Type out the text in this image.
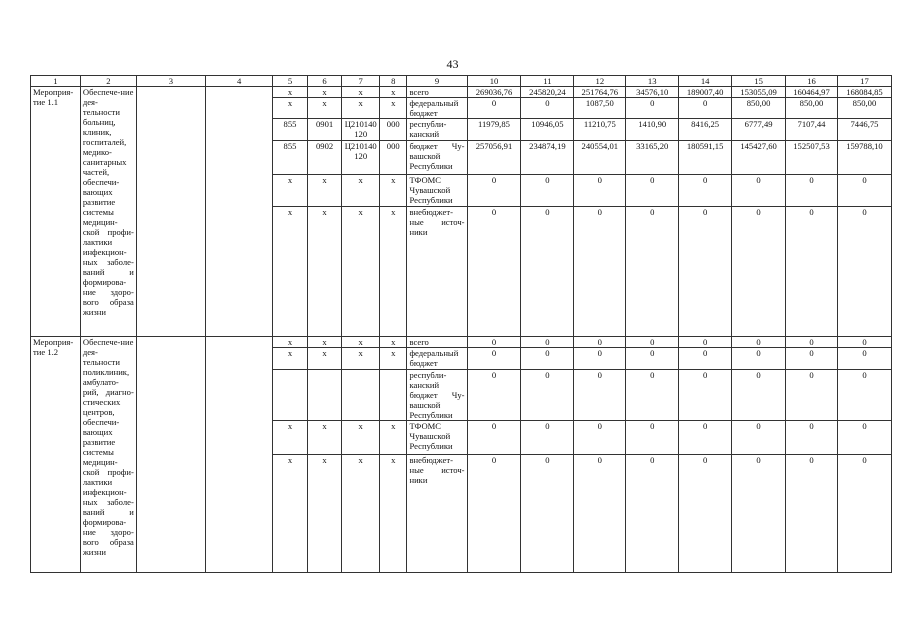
43
1	2	3	4	5	6	7	8	9	10	11	12	13	14	15	16	17
Мероприя-тие 1.1	Обеспече-ние дея-тельности больниц, клиник, госпиталей, медико-санитарных частей, обеспечи-вающих развитие системы медицин-ской профи-лактики инфекцион-ных заболе-ваний и формирова-ние здоро-вого образа жизни			x	x	x	x	всего	269036,76	245820,24	251764,76	34576,10	189007,40	153055,09	160464,97	168084,85
				x	x	x	x	федеральный бюджет	0	0	1087,50	0	0	850,00	850,00	850,00
				855	0901	Ц210140120	000	республи-канский	11979,85	10946,05	11210,75	1410,90	8416,25	6777,49	7107,44	7446,75
				855	0902	Ц210140120	000	бюджет Чу-вашской Республики	257056,91	234874,19	240554,01	33165,20	180591,15	145427,60	152507,53	159788,10
				x	x	x	x	ТФОМС Чувашской Республики	0	0	0	0	0	0	0	0
				x	x	x	x	внебюджет-ные источ-ники	0	0	0	0	0	0	0	0
Мероприя-тие 1.2	Обеспече-ние дея-тельности поликлиник, амбулато-рий, диагно-стических центров, обеспечи-вающих развитие системы медицин-ской профи-лактики инфекцион-ных заболе-ваний и формирова-ние здоро-вого образа жизни			x	x	x	x	всего	0	0	0	0	0	0	0	0
				x	x	x	x	федеральный бюджет	0	0	0	0	0	0	0	0
								республи-канский бюджет Чу-вашской Республики	0	0	0	0	0	0	0	0
				x	x	x	x	ТФОМС Чувашской Республики	0	0	0	0	0	0	0	0
				x	x	x	x	внебюджет-ные источ-ники	0	0	0	0	0	0	0	0
